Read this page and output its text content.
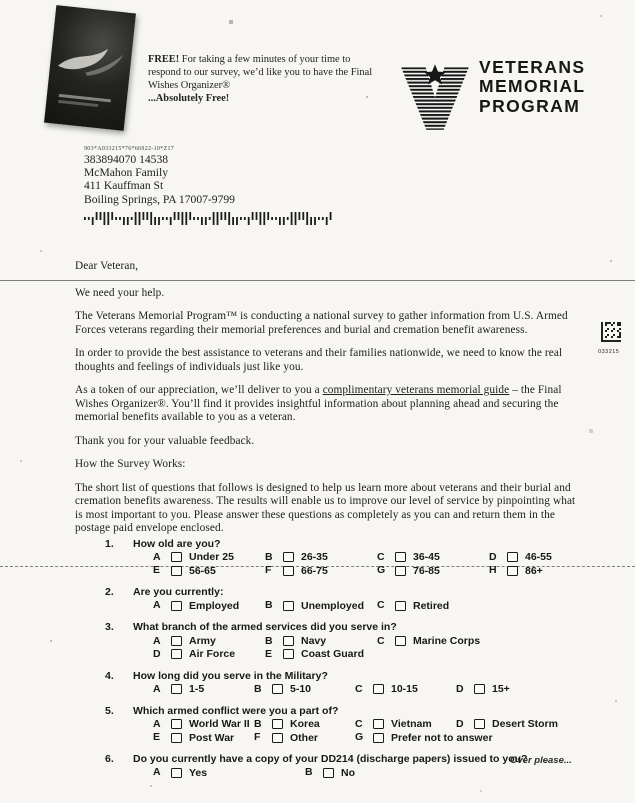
FREE! For taking a few minutes of your time to
respond to our survey, we’d like you to have the Final
Wishes Organizer®
...Absolutely Free!
VETERANS
MEMORIAL
PROGRAM
903*A033215*76*66922-10*Z17
383894070 14538
McMahon Family
411 Kauffman St
Boiling Springs, PA 17007-9799
033215

Dear Veteran,

We need your help.

The Veterans Memorial Program™ is conducting a national survey to gather information from U.S. Armed Forces veterans regarding their memorial preferences and burial and cremation benefit awareness.

In order to provide the best assistance to veterans and their families nationwide, we need to know the real thoughts and feelings of individuals just like you.

As a token of our appreciation, we’ll deliver to you a complimentary veterans memorial guide – the Final Wishes Organizer®. You’ll find it provides insightful information about planning ahead and securing the memorial benefits available to you as a veteran.

Thank you for your valuable feedback.

How the Survey Works:

The short list of questions that follows is designed to help us learn more about veterans and their burial and cremation benefits awareness. The results will enable us to improve our level of service by pinpointing what is most important to you. Please answer these questions as completely as you can and return them in the postage paid envelope enclosed.

1.	How old are you?
A	Under 25	B	26-35	C	36-45	D	46-55
E	56-65	F	66-75	G	76-85	H	86+
2.	Are you currently:
A	Employed B	Unemployed C	Retired
3.	What branch of the armed services did you serve in?
A	Army	B	Navy	C	Marine Corps
D	Air Force	E	Coast Guard
4.	How long did you serve in the Military?
A	1-5	B	5-10	C	10-15	D	15+
5.	Which armed conflict were you a part of?
A	World War II B	Korea	C	Vietnam D	Desert Storm
E	Post War F	Other	G	Prefer not to answer
6.	Do you currently have a copy of your DD214 (discharge papers) issued to you?
A	Yes	B	No
Over please...
